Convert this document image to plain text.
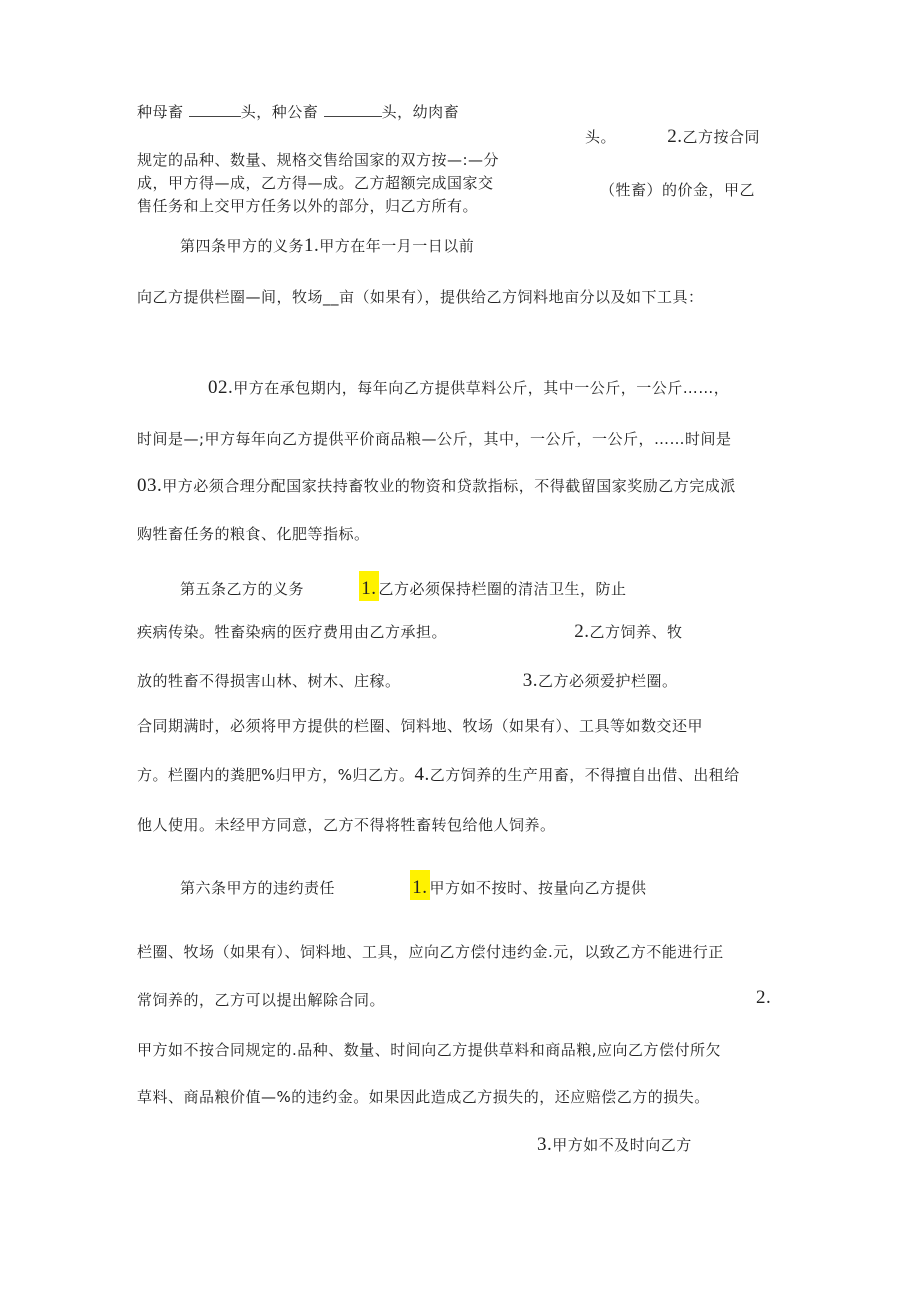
种母畜	头，种公畜	头，幼肉畜
头。	2.乙方按合同
规定的品种、数量、规格交售给国家的双方按—:—分
成，甲方得—成，乙方得—成。乙方超额完成国家交	（牲畜）的价金，甲乙
售任务和上交甲方任务以外的部分，归乙方所有。
第四条甲方的义务1.甲方在年一月一日以前
向乙方提供栏圈—间，牧场__亩（如果有），提供给乙方饲料地亩分以及如下工具：
02.甲方在承包期内，每年向乙方提供草料公斤，其中一公斤，一公斤……，
时间是—;甲方每年向乙方提供平价商品粮—公斤，其中，一公斤，一公斤，……时间是
03.甲方必须合理分配国家扶持畜牧业的物资和贷款指标，不得截留国家奖励乙方完成派
购牲畜任务的粮食、化肥等指标。
第五条乙方的义务	1. 乙方必须保持栏圈的清洁卫生，防止
疾病传染。牲畜染病的医疗费用由乙方承担。	2.乙方饲养、牧
放的牲畜不得损害山林、树木、庄稼。	3.乙方必须爱护栏圈。
合同期满时，必须将甲方提供的栏圈、饲料地、牧场（如果有）、工具等如数交还甲
方。栏圈内的粪肥%归甲方，%归乙方。4.乙方饲养的生产用畜，不得擅自出借、出租给
他人使用。未经甲方同意，乙方不得将牲畜转包给他人饲养。
第六条甲方的违约责任	1. 甲方如不按时、按量向乙方提供
栏圈、牧场（如果有）、饲料地、工具，应向乙方偿付违约金.元，以致乙方不能进行正
常饲养的，乙方可以提出解除合同。	2.
甲方如不按合同规定的.品种、数量、时间向乙方提供草料和商品粮,应向乙方偿付所欠
草料、商品粮价值—%的违约金。如果因此造成乙方损失的，还应赔偿乙方的损失。
3.甲方如不及时向乙方
